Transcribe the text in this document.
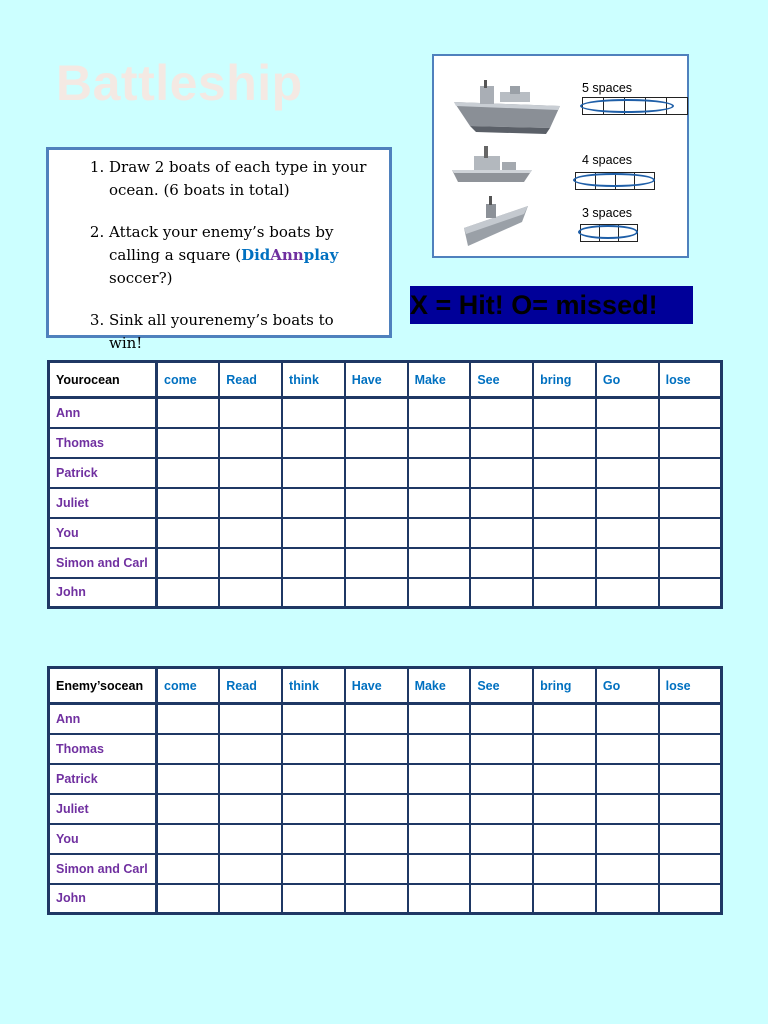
Battleship
1. Draw 2 boats of each type in your ocean. (6 boats in total)
2. Attack your enemy’s boats by calling a square (DidAnnplay soccer?)
3. Sink all yourenemy’s boats to win!
5 spaces
4 spaces
3 spaces
X = Hit! O= missed!
Yourocean	come	Read	think	Have	Make	See	bring	Go	lose
Ann									
Thomas									
Patrick									
Juliet									
You									
Simon and Carl									
John									
Enemy’socean	come	Read	think	Have	Make	See	bring	Go	lose
Ann									
Thomas									
Patrick									
Juliet									
You									
Simon and Carl									
John									
